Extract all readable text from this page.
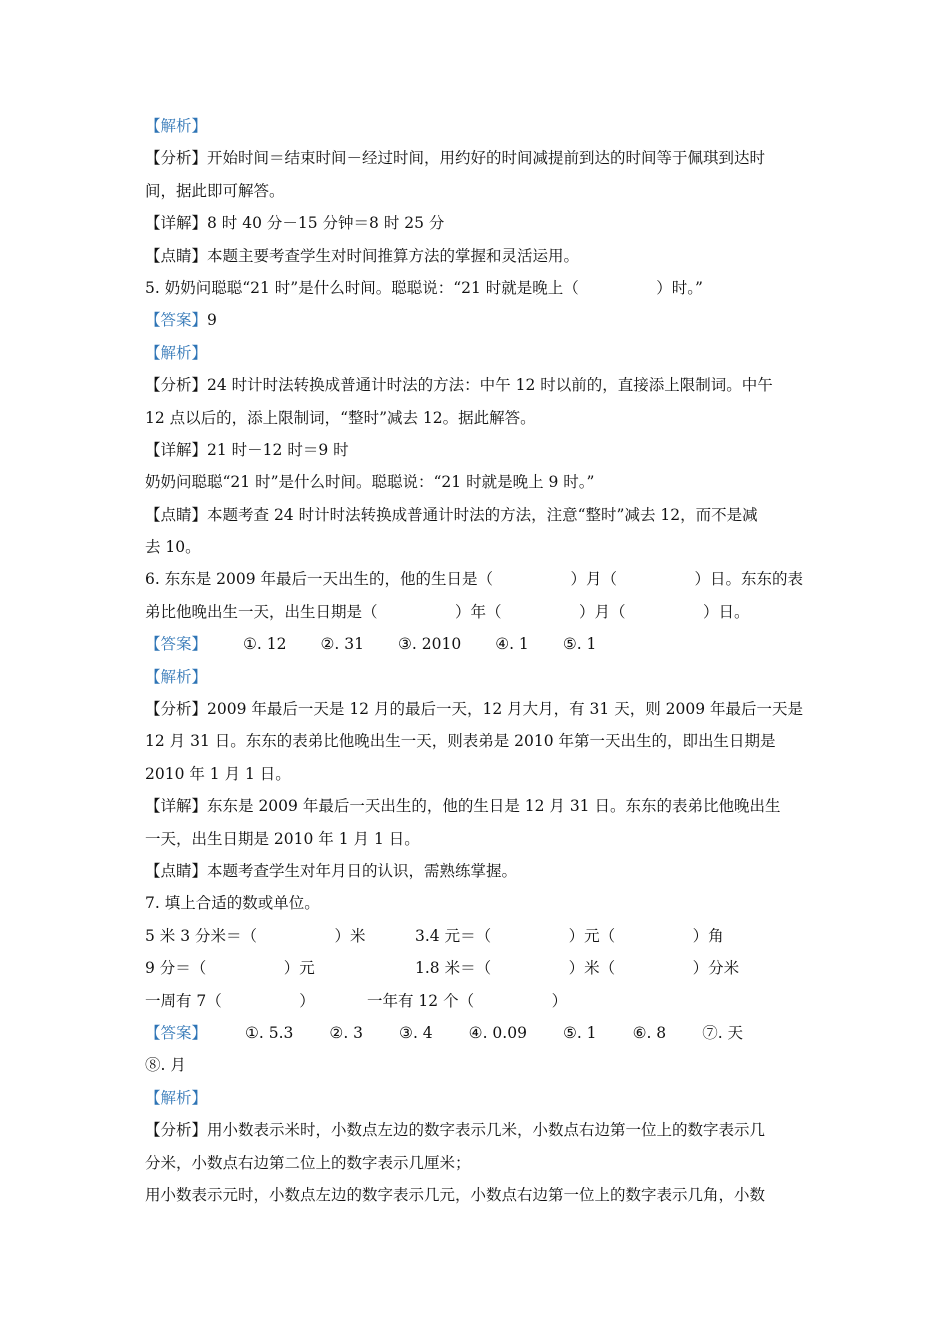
【解析】
【分析】开始时间＝结束时间－经过时间，用约好的时间减提前到达的时间等于佩琪到达时
间，据此即可解答。
【详解】8 时 40 分－15 分钟＝8 时 25 分
【点睛】本题主要考查学生对时间推算方法的掌握和灵活运用。
5. 奶奶问聪聪“21 时”是什么时间。聪聪说：“21 时就是晚上（　　　　　）时。”
【答案】9
【解析】
【分析】24 时计时法转换成普通计时法的方法：中午 12 时以前的，直接添上限制词。中午
12 点以后的，添上限制词，“整时”减去 12。据此解答。
【详解】21 时－12 时＝9 时
奶奶问聪聪“21 时”是什么时间。聪聪说：“21 时就是晚上 9 时。”
【点睛】本题考查 24 时计时法转换成普通计时法的方法，注意“整时”减去 12，而不是减
去 10。
6. 东东是 2009 年最后一天出生的，他的生日是（　　　　　）月（　　　　　）日。东东的表
弟比他晚出生一天，出生日期是（　　　　　）年（　　　　　）月（　　　　　）日。
【答案】 ①. 12 ②. 31 ③. 2010 ④. 1 ⑤. 1
【解析】
【分析】2009 年最后一天是 12 月的最后一天，12 月大月，有 31 天，则 2009 年最后一天是
12 月 31 日。东东的表弟比他晚出生一天，则表弟是 2010 年第一天出生的，即出生日期是
2010 年 1 月 1 日。
【详解】东东是 2009 年最后一天出生的，他的生日是 12 月 31 日。东东的表弟比他晚出生
一天，出生日期是 2010 年 1 月 1 日。
【点睛】本题考查学生对年月日的认识，需熟练掌握。
7. 填上合适的数或单位。
5 米 3 分米＝（　　　　　）米	3.4 元＝（　　　　　）元（　　　　　）角
9 分＝（　　　　　）元	1.8 米＝（　　　　　）米（　　　　　）分米
一周有 7（　　　　　）	一年有 12 个（　　　　　）
【答案】 ①. 5.3 ②. 3 ③. 4 ④. 0.09 ⑤. 1 ⑥. 8 ⑦. 天
⑧. 月
【解析】
【分析】用小数表示米时，小数点左边的数字表示几米，小数点右边第一位上的数字表示几
分米，小数点右边第二位上的数字表示几厘米；
用小数表示元时，小数点左边的数字表示几元，小数点右边第一位上的数字表示几角，小数
